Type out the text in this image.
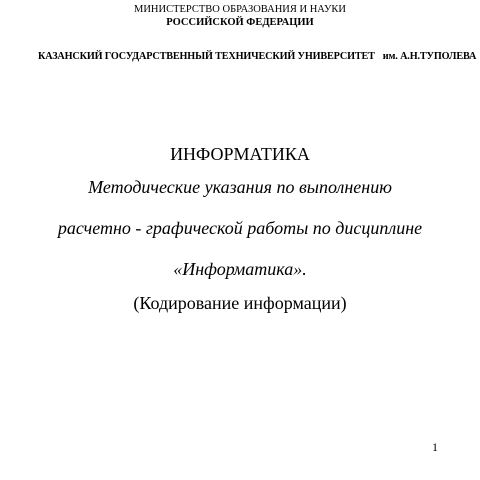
МИНИСТЕРСТВО ОБРАЗОВАНИЯ И НАУКИ
РОССИЙСКОЙ ФЕДЕРАЦИИ
КАЗАНСКИЙ ГОСУДАРСТВЕННЫЙ ТЕХНИЧЕСКИЙ УНИВЕРСИТЕТ им. А.Н.ТУПОЛЕВА
ИНФОРМАТИКА
Методические указания по выполнению
расчетно - графической работы по дисциплине
«Информатика».
(Кодирование информации)
1
